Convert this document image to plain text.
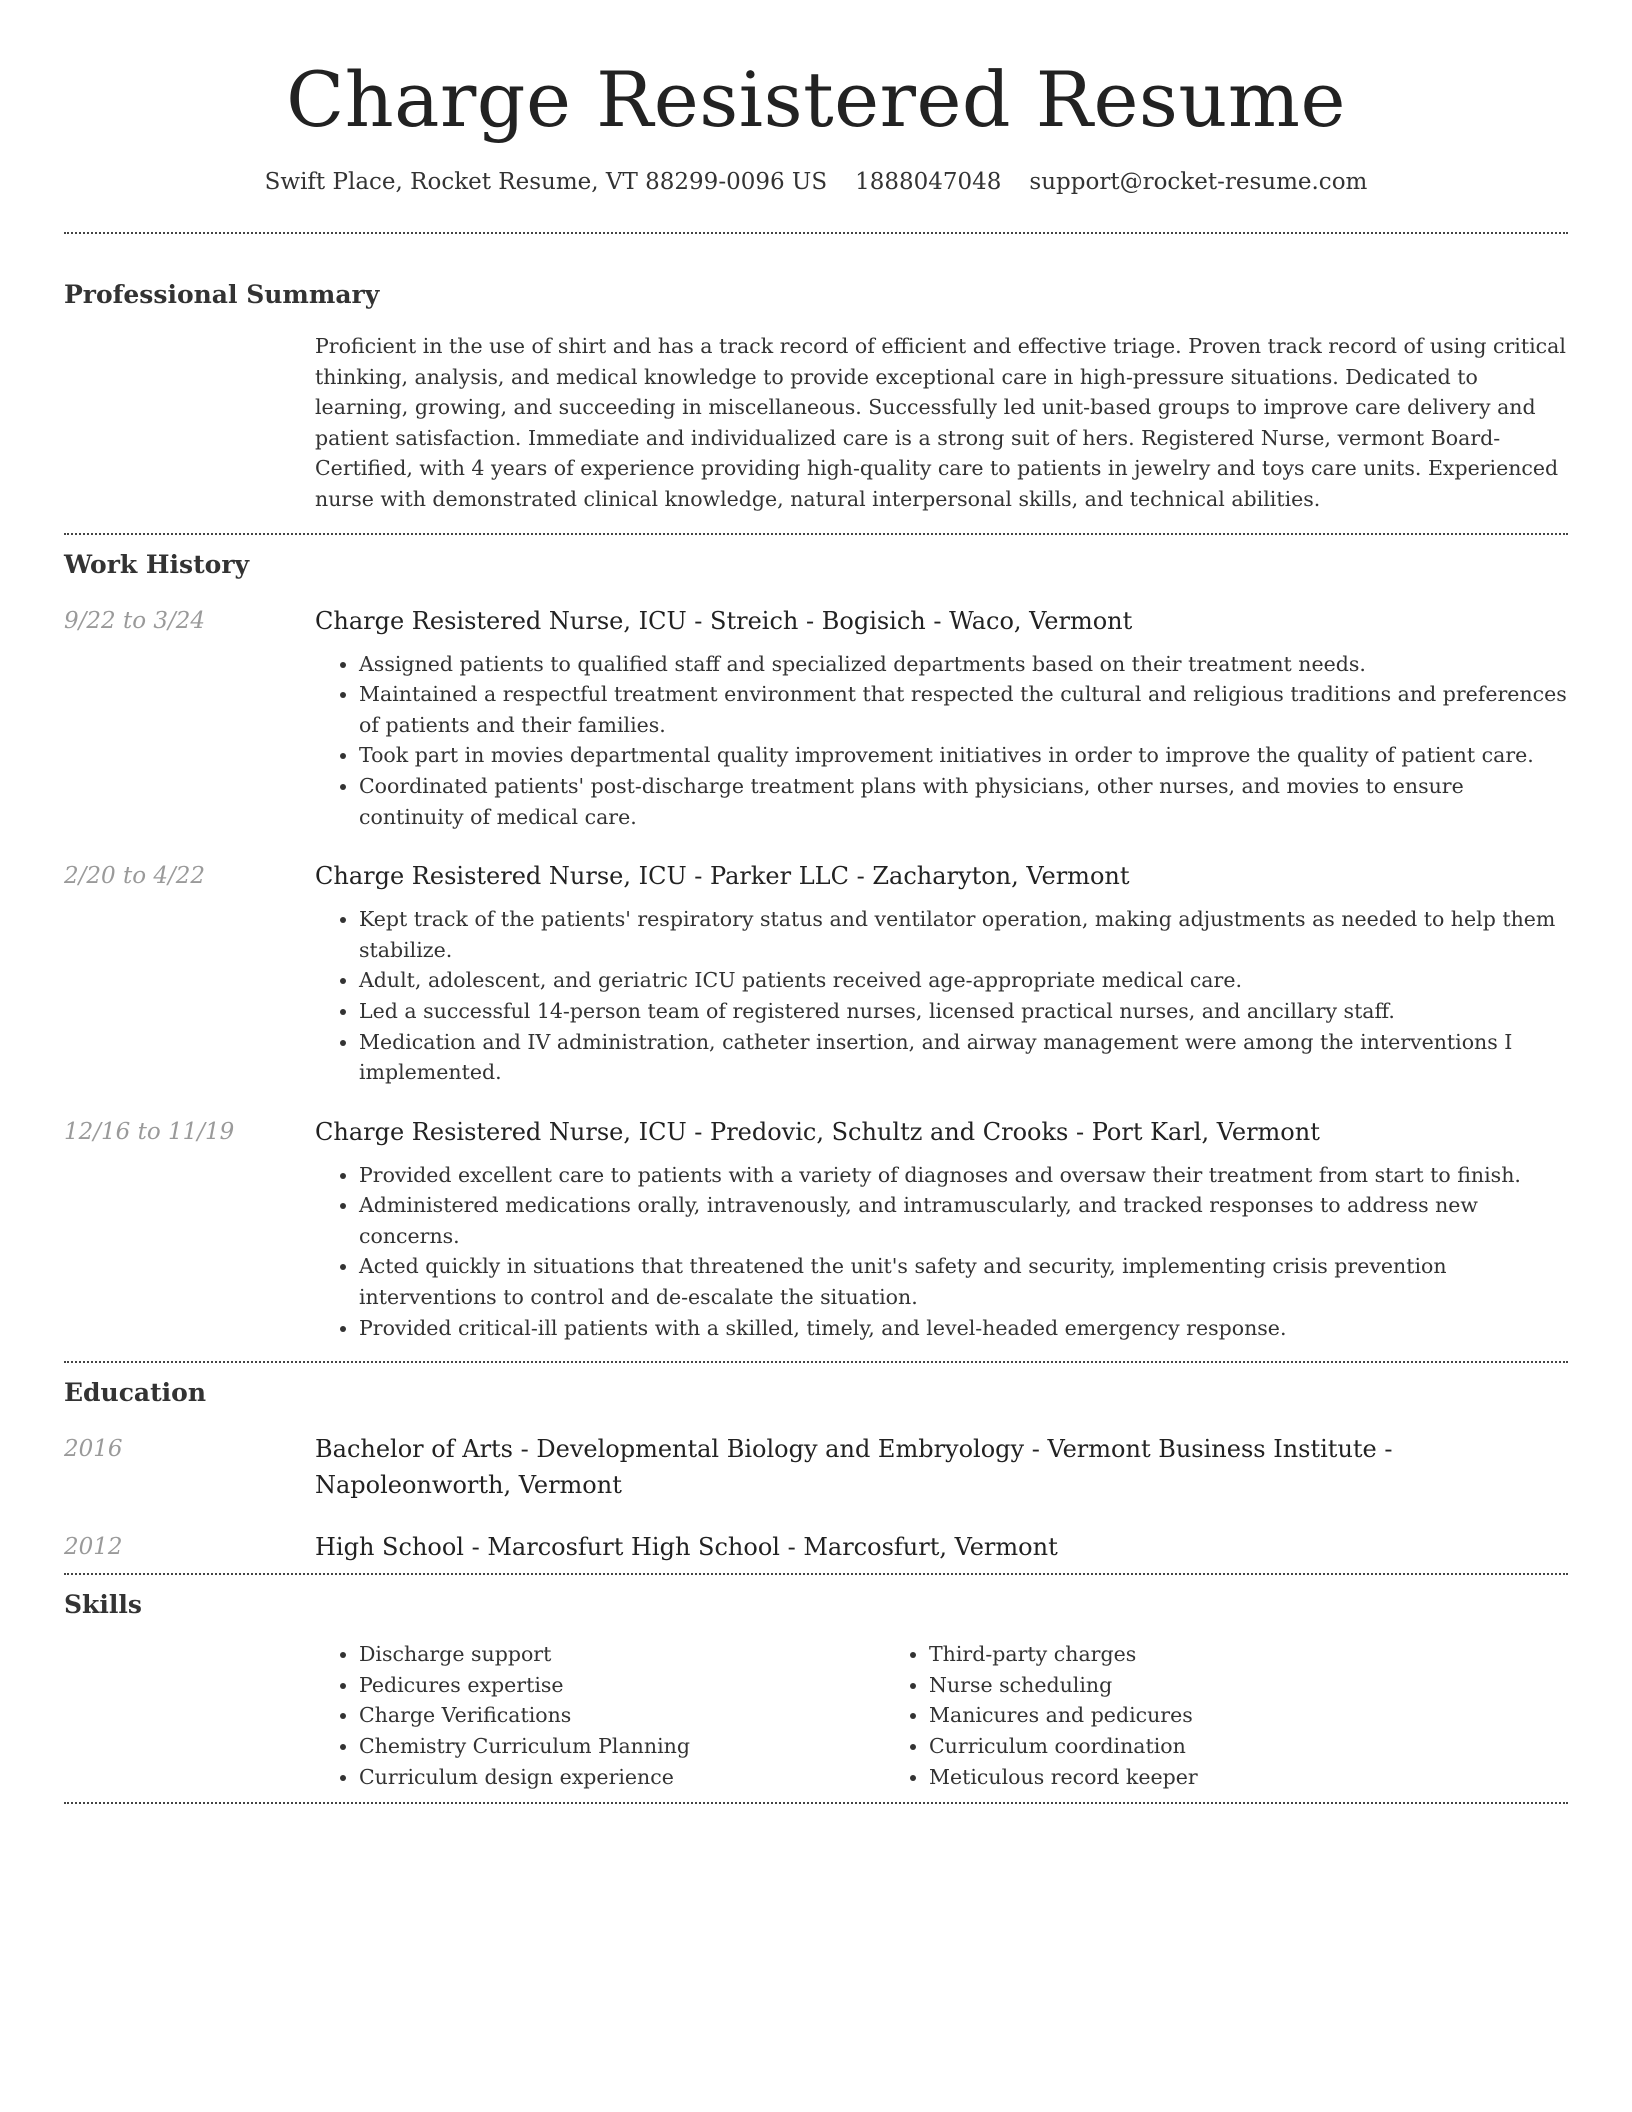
Charge Resistered Resume
Swift Place, Rocket Resume, VT 88299-0096 US 1888047048 support@rocket-resume.com
Professional Summary

Proficient in the use of shirt and has a track record of efficient and effective triage. Proven track record of using critical thinking, analysis, and medical knowledge to provide exceptional care in high-pressure situations. Dedicated to learning, growing, and succeeding in miscellaneous. Successfully led unit-based groups to improve care delivery and patient satisfaction. Immediate and individualized care is a strong suit of hers. Registered Nurse, vermont Board-Certified, with 4 years of experience providing high-quality care to patients in jewelry and toys care units. Experienced nurse with demonstrated clinical knowledge, natural interpersonal skills, and technical abilities.

Work History
9/22 to 3/24	Charge Resistered Nurse, ICU - Streich - Bogisich - Waco, Vermont
• Assigned patients to qualified staff and specialized departments based on their treatment needs.
• Maintained a respectful treatment environment that respected the cultural and religious traditions and preferences of patients and their families.
• Took part in movies departmental quality improvement initiatives in order to improve the quality of patient care.
• Coordinated patients' post-discharge treatment plans with physicians, other nurses, and movies to ensure continuity of medical care.
2/20 to 4/22	Charge Resistered Nurse, ICU - Parker LLC - Zacharyton, Vermont
• Kept track of the patients' respiratory status and ventilator operation, making adjustments as needed to help them stabilize.
• Adult, adolescent, and geriatric ICU patients received age-appropriate medical care.
• Led a successful 14-person team of registered nurses, licensed practical nurses, and ancillary staff.
• Medication and IV administration, catheter insertion, and airway management were among the interventions I implemented.
12/16 to 11/19	Charge Resistered Nurse, ICU - Predovic, Schultz and Crooks - Port Karl, Vermont
• Provided excellent care to patients with a variety of diagnoses and oversaw their treatment from start to finish.
• Administered medications orally, intravenously, and intramuscularly, and tracked responses to address new concerns.
• Acted quickly in situations that threatened the unit's safety and security, implementing crisis prevention interventions to control and de-escalate the situation.
• Provided critical-ill patients with a skilled, timely, and level-headed emergency response.
Education
2016	Bachelor of Arts - Developmental Biology and Embryology - Vermont Business Institute - Napoleonworth, Vermont
2012	High School - Marcosfurt High School - Marcosfurt, Vermont
Skills
• Discharge support
• Pedicures expertise
• Charge Verifications
• Chemistry Curriculum Planning
• Curriculum design experience
• Third-party charges
• Nurse scheduling
• Manicures and pedicures
• Curriculum coordination
• Meticulous record keeper
